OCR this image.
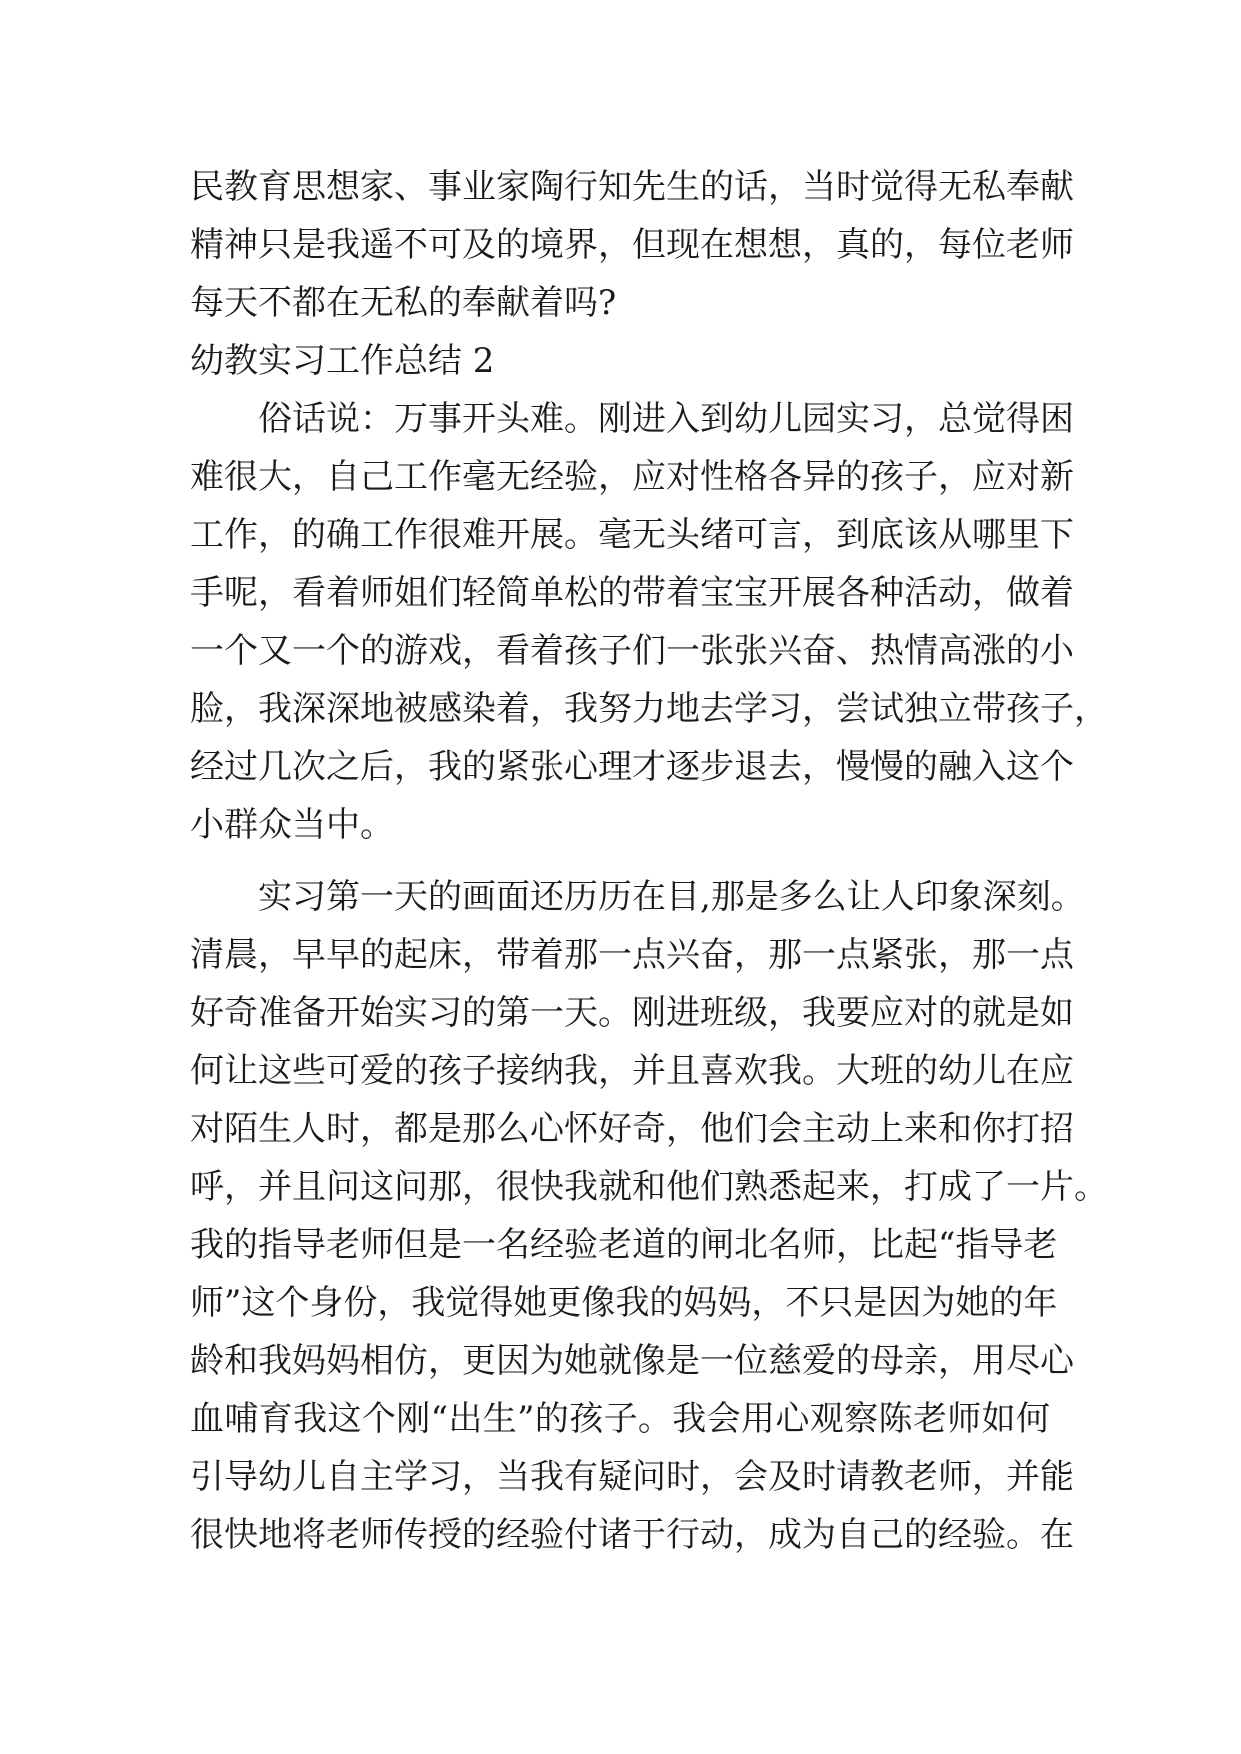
民教育思想家、事业家陶行知先生的话，当时觉得无私奉献
精神只是我遥不可及的境界，但现在想想，真的，每位老师
每天不都在无私的奉献着吗?
幼教实习工作总结 2
俗话说：万事开头难。刚进入到幼儿园实习，总觉得困
难很大，自己工作毫无经验，应对性格各异的孩子，应对新
工作，的确工作很难开展。毫无头绪可言，到底该从哪里下
手呢，看着师姐们轻简单松的带着宝宝开展各种活动，做着
一个又一个的游戏，看着孩子们一张张兴奋、热情高涨的小
脸，我深深地被感染着，我努力地去学习，尝试独立带孩子，
经过几次之后，我的紧张心理才逐步退去，慢慢的融入这个
小群众当中。
实习第一天的画面还历历在目,那是多么让人印象深刻。
清晨，早早的起床，带着那一点兴奋，那一点紧张，那一点
好奇准备开始实习的第一天。刚进班级，我要应对的就是如
何让这些可爱的孩子接纳我，并且喜欢我。大班的幼儿在应
对陌生人时，都是那么心怀好奇，他们会主动上来和你打招
呼，并且问这问那，很快我就和他们熟悉起来，打成了一片。
我的指导老师但是一名经验老道的闸北名师，比起“指导老
师”这个身份，我觉得她更像我的妈妈，不只是因为她的年
龄和我妈妈相仿，更因为她就像是一位慈爱的母亲，用尽心
血哺育我这个刚“出生”的孩子。我会用心观察陈老师如何
引导幼儿自主学习，当我有疑问时，会及时请教老师，并能
很快地将老师传授的经验付诸于行动，成为自己的经验。在
